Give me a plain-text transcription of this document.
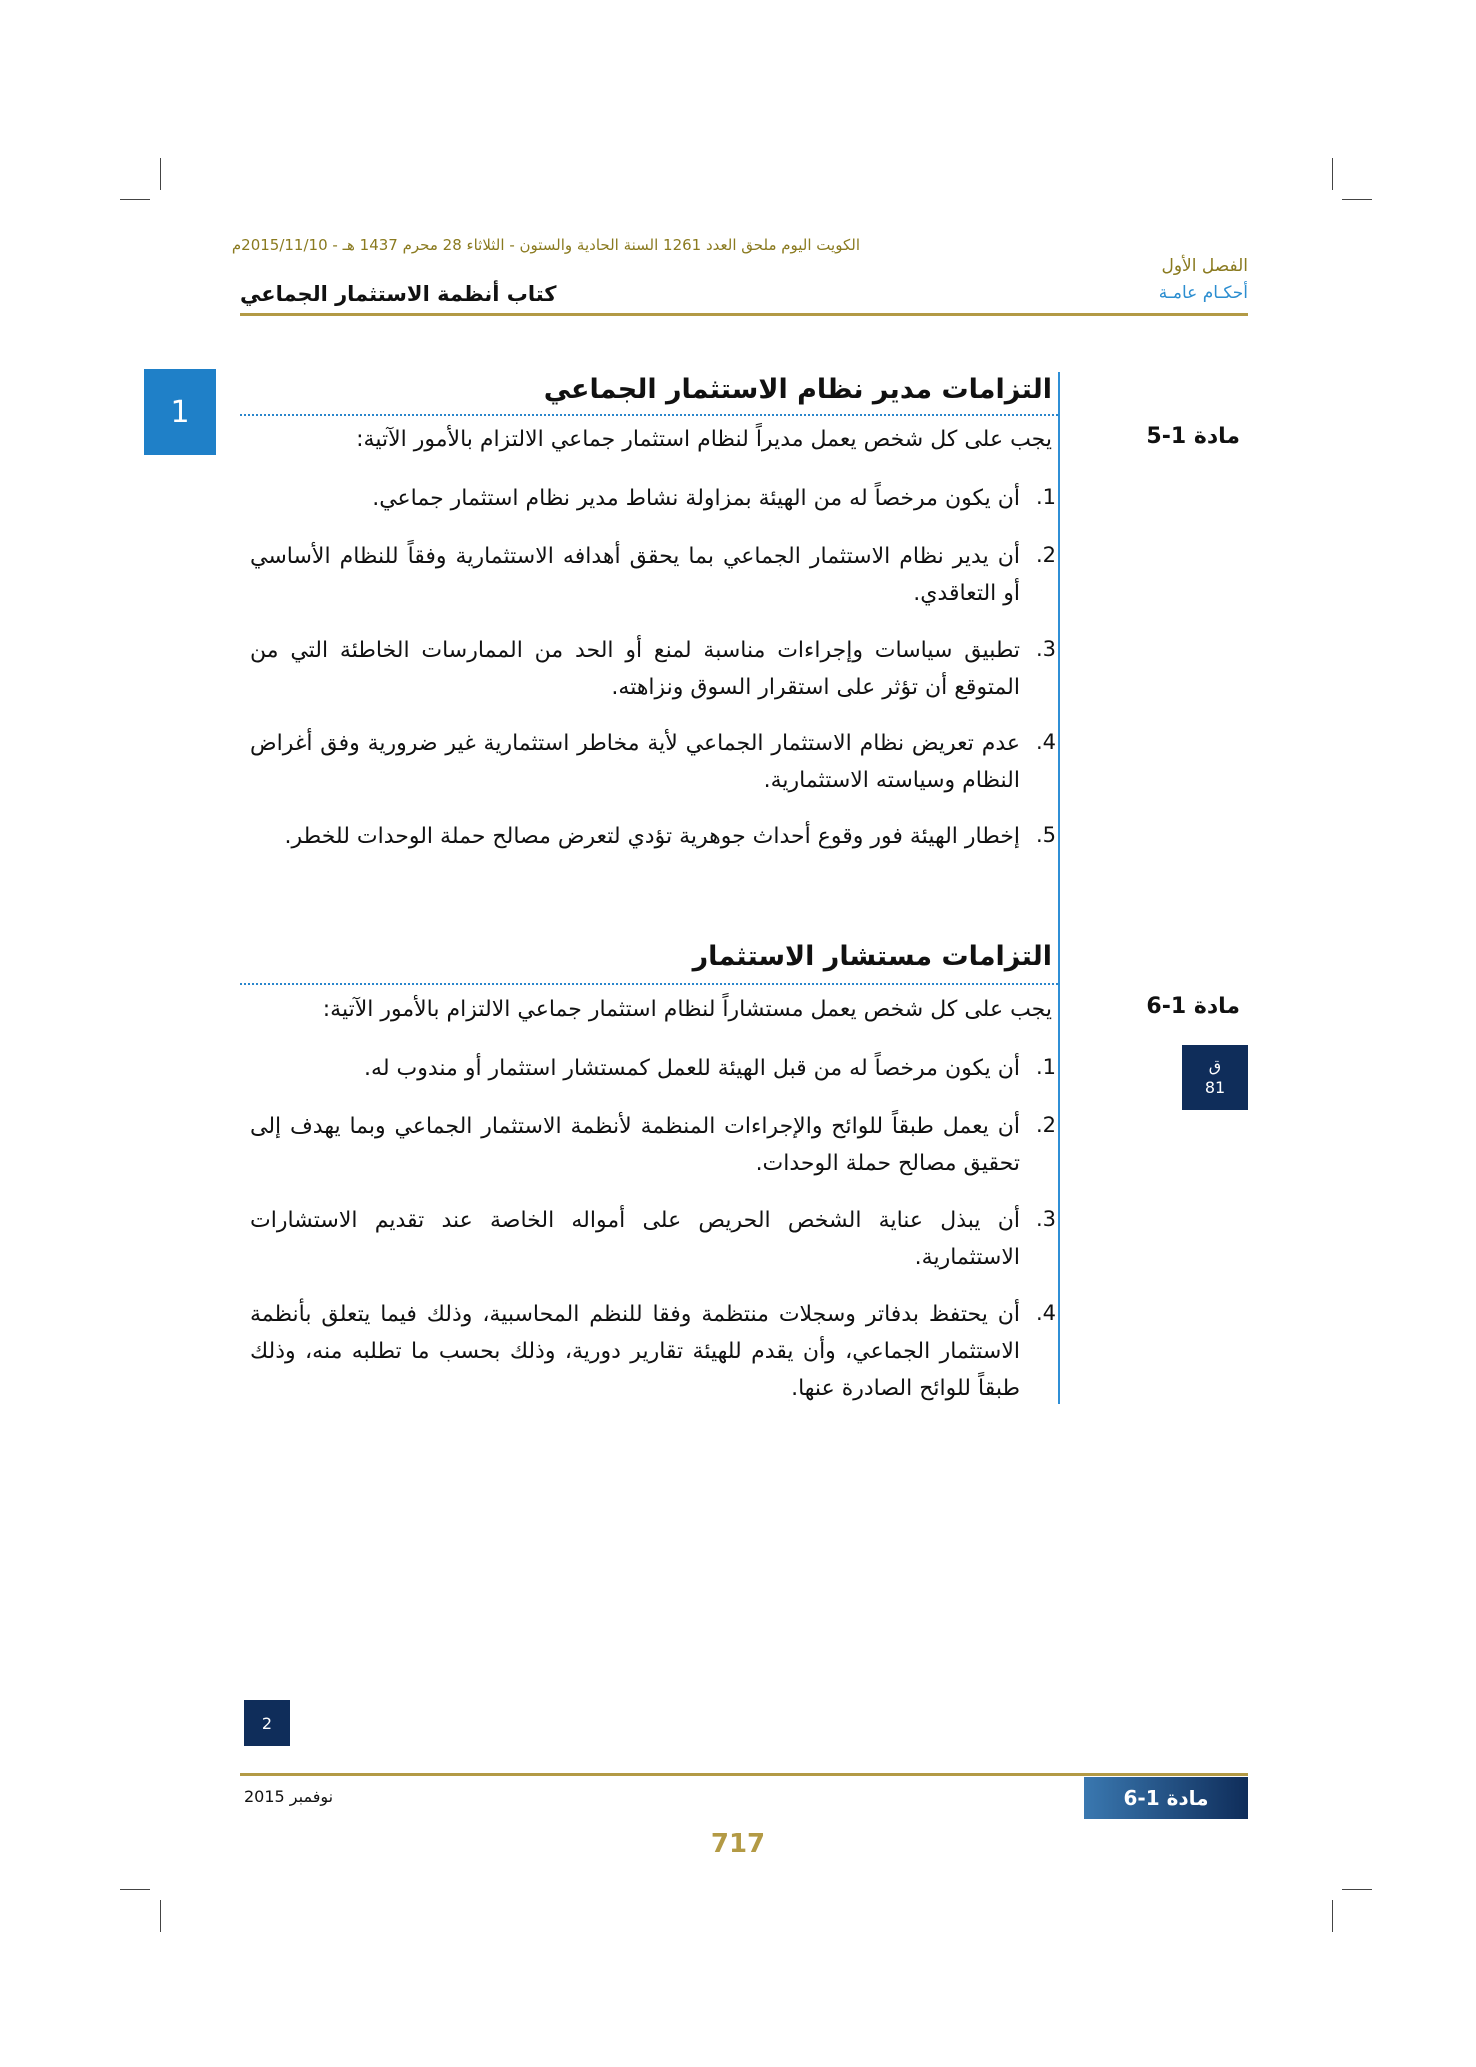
الكويت اليوم ملحق العدد 1261 السنة الحادية والستون - الثلاثاء 28 محرم 1437 هـ - 2015/11/10م
الفصل الأول
أحكـام عامـة
كتاب أنظمة الاستثمار الجماعي
1
التزامات مدير نظام الاستثمار الجماعي
مادة 1-5
يجب على كل شخص يعمل مديراً لنظام استثمار جماعي الالتزام بالأمور الآتية:
.1
أن يكون مرخصاً له من الهيئة بمزاولة نشاط مدير نظام استثمار جماعي.
.2
أن يدير نظام الاستثمار الجماعي بما يحقق أهدافه الاستثمارية وفقاً للنظام الأساسي أو التعاقدي.
.3
تطبيق سياسات وإجراءات مناسبة لمنع أو الحد من الممارسات الخاطئة التي من المتوقع أن تؤثر على استقرار السوق ونزاهته.
.4
عدم تعريض نظام الاستثمار الجماعي لأية مخاطر استثمارية غير ضرورية وفق أغراض النظام وسياسته الاستثمارية.
.5
إخطار الهيئة فور وقوع أحداث جوهرية تؤدي لتعرض مصالح حملة الوحدات للخطر.
التزامات مستشار الاستثمار
مادة 1-6
يجب على كل شخص يعمل مستشاراً لنظام استثمار جماعي الالتزام بالأمور الآتية:
.1
أن يكون مرخصاً له من قبل الهيئة للعمل كمستشار استثمار أو مندوب له.
.2
أن يعمل طبقاً للوائح والإجراءات المنظمة لأنظمة الاستثمار الجماعي وبما يهدف إلى تحقيق مصالح حملة الوحدات.
.3
أن يبذل عناية الشخص الحريص على أمواله الخاصة عند تقديم الاستشارات الاستثمارية.
.4
أن يحتفظ بدفاتر وسجلات منتظمة وفقا للنظم المحاسبية، وذلك فيما يتعلق بأنظمة الاستثمار الجماعي، وأن يقدم للهيئة تقارير دورية، وذلك بحسب ما تطلبه منه، وذلك طبقاً للوائح الصادرة عنها.
ق
81
2
نوفمبر 2015	مادة 1-6
717
